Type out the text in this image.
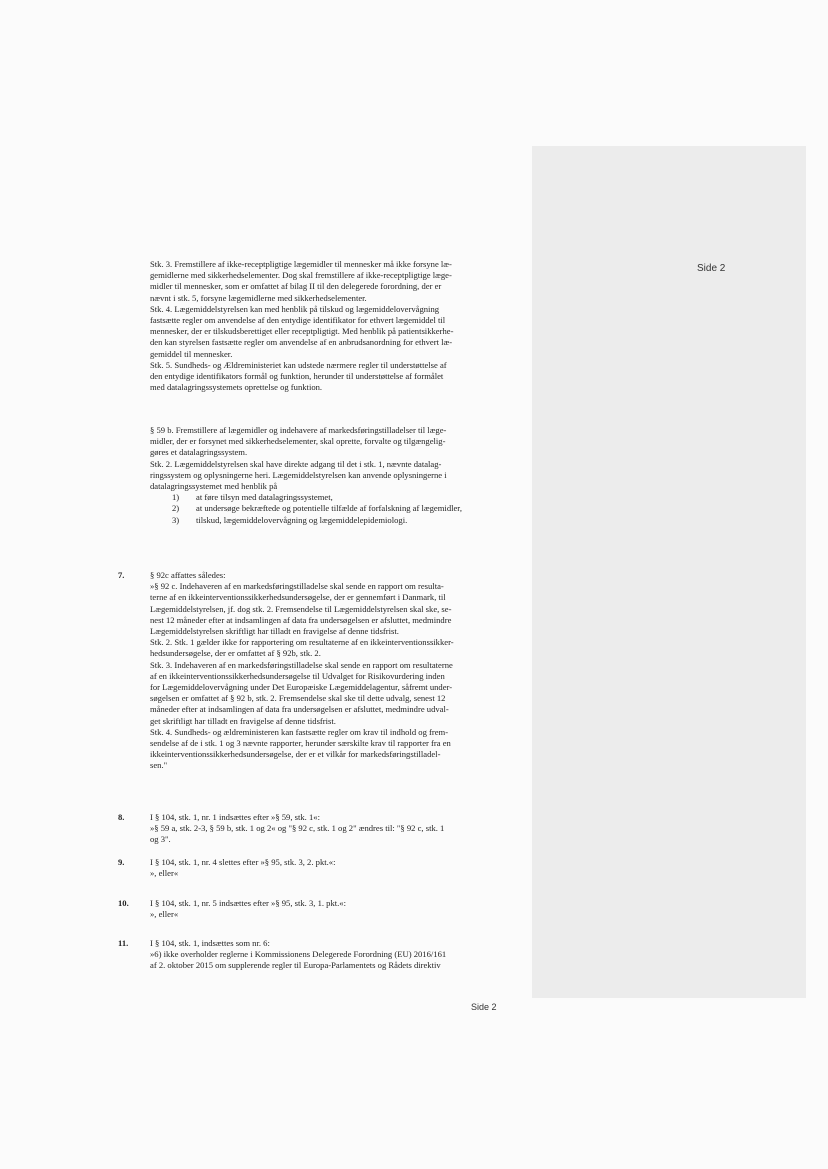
Side 2

Stk. 3. Fremstillere af ikke-receptpligtige lægemidler til mennesker må ikke forsyne læ-

gemidlerne med sikkerhedselementer. Dog skal fremstillere af ikke-receptpligtige læge-

midler til mennesker, som er omfattet af bilag II til den delegerede forordning, der er

nævnt i stk. 5, forsyne lægemidlerne med sikkerhedselementer.

Stk. 4. Lægemiddelstyrelsen kan med henblik på tilskud og lægemiddelovervågning

fastsætte regler om anvendelse af den entydige identifikator for ethvert lægemiddel til

mennesker, der er tilskudsberettiget eller receptpligtigt. Med henblik på patientsikkerhe-

den kan styrelsen fastsætte regler om anvendelse af en anbrudsanordning for ethvert læ-

gemiddel til mennesker.

Stk. 5. Sundheds- og Ældreministeriet kan udstede nærmere regler til understøttelse af

den entydige identifikators formål og funktion, herunder til understøttelse af formålet

med datalagringssystemets oprettelse og funktion.

§ 59 b. Fremstillere af lægemidler og indehavere af markedsføringstilladelser til læge-

midler, der er forsynet med sikkerhedselementer, skal oprette, forvalte og tilgængelig-

gøres et datalagringssystem.

Stk. 2. Lægemiddelstyrelsen skal have direkte adgang til det i stk. 1, nævnte datalag-

ringssystem og oplysningerne heri. Lægemiddelstyrelsen kan anvende oplysningerne i

datalagringssystemet med henblik på

1) at føre tilsyn med datalagringssystemet,
2) at undersøge bekræftede og potentielle tilfælde af forfalskning af lægemidler,
3) tilskud, lægemiddelovervågning og lægemiddelepidemiologi.
7.	§ 92c affattes således:

»§ 92 c. Indehaveren af en markedsføringstilladelse skal sende en rapport om resulta-

terne af en ikkeinterventionssikkerhedsundersøgelse, der er gennemført i Danmark, til

Lægemiddelstyrelsen, jf. dog stk. 2. Fremsendelse til Lægemiddelstyrelsen skal ske, se-

nest 12 måneder efter at indsamlingen af data fra undersøgelsen er afsluttet, medmindre

Lægemiddelstyrelsen skriftligt har tilladt en fravigelse af denne tidsfrist.

Stk. 2. Stk. 1 gælder ikke for rapportering om resultaterne af en ikkeinterventionssikker-

hedsundersøgelse, der er omfattet af § 92b, stk. 2.

Stk. 3. Indehaveren af en markedsføringstilladelse skal sende en rapport om resultaterne

af en ikkeinterventionssikkerhedsundersøgelse til Udvalget for Risikovurdering inden

for Lægemiddelovervågning under Det Europæiske Lægemiddelagentur, såfremt under-

søgelsen er omfattet af § 92 b, stk. 2. Fremsendelse skal ske til dette udvalg, senest 12

måneder efter at indsamlingen af data fra undersøgelsen er afsluttet, medmindre udval-

get skriftligt har tilladt en fravigelse af denne tidsfrist.

Stk. 4. Sundheds- og ældreministeren kan fastsætte regler om krav til indhold og frem-

sendelse af de i stk. 1 og 3 nævnte rapporter, herunder særskilte krav til rapporter fra en

ikkeinterventionssikkerhedsundersøgelse, der er et vilkår for markedsføringstilladel-

sen."

8.	I § 104, stk. 1, nr. 1 indsættes efter »§ 59, stk. 1«:

»§ 59 a, stk. 2-3, § 59 b, stk. 1 og 2« og "§ 92 c, stk. 1 og 2" ændres til: "§ 92 c, stk. 1

og 3".

9.	I § 104, stk. 1, nr. 4 slettes efter »§ 95, stk. 3, 2. pkt.«:

», eller«

10. I § 104, stk. 1, nr. 5 indsættes efter »§ 95, stk. 3, 1. pkt.«:

», eller«

11.	I § 104, stk. 1, indsættes som nr. 6:

»6) ikke overholder reglerne i Kommissionens Delegerede Forordning (EU) 2016/161

af 2. oktober 2015 om supplerende regler til Europa-Parlamentets og Rådets direktiv

Side 2
